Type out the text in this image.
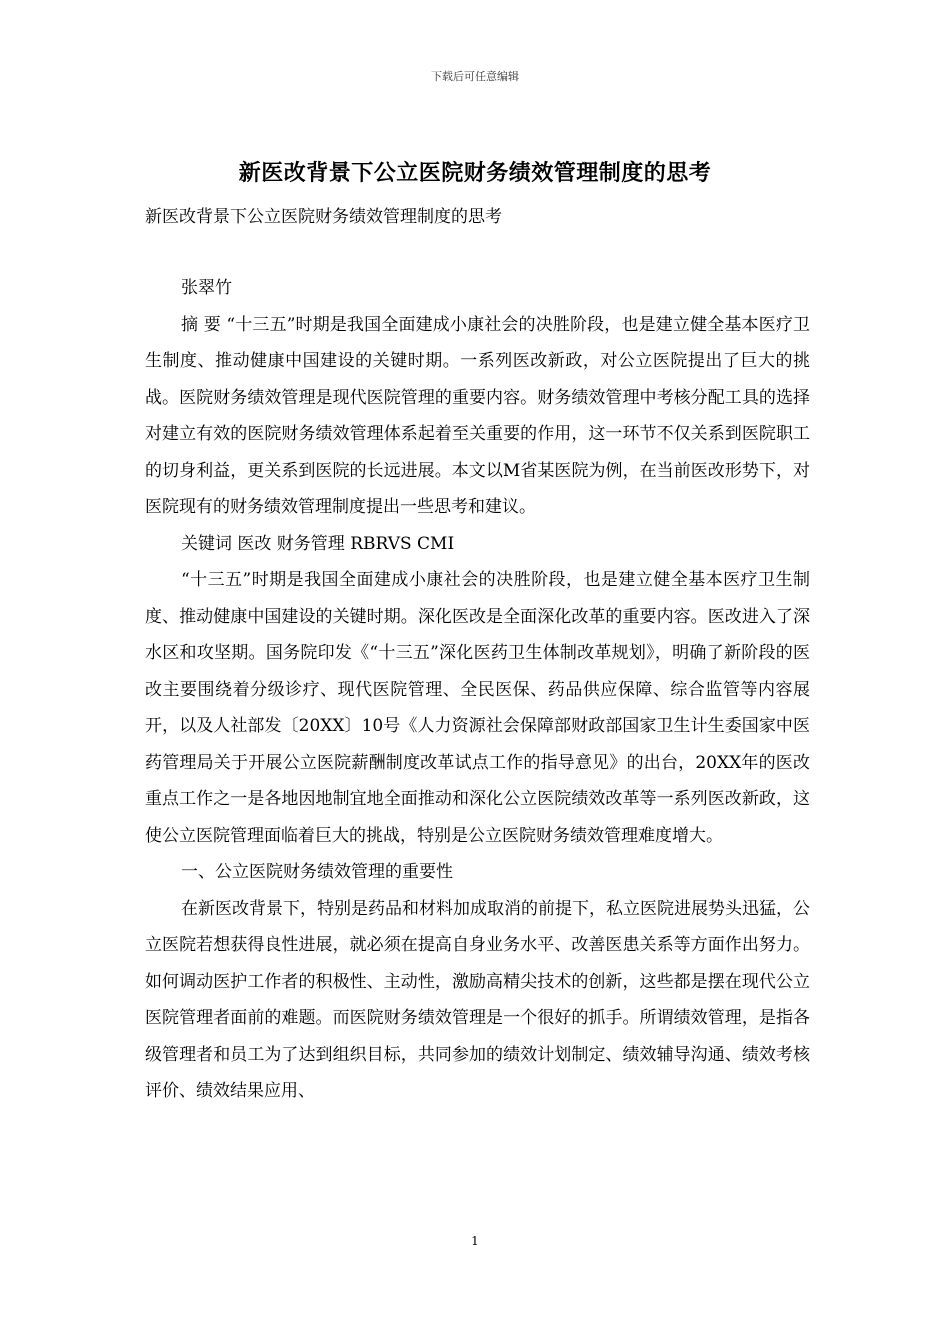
下载后可任意编辑
新医改背景下公立医院财务绩效管理制度的思考
新医改背景下公立医院财务绩效管理制度的思考

张翠竹

摘 要 “十三五”时期是我国全面建成小康社会的决胜阶段，也是建立健全基本医疗卫生制度、推动健康中国建设的关键时期。一系列医改新政，对公立医院提出了巨大的挑战。医院财务绩效管理是现代医院管理的重要内容。财务绩效管理中考核分配工具的选择对建立有效的医院财务绩效管理体系起着至关重要的作用，这一环节不仅关系到医院职工的切身利益，更关系到医院的长远进展。本文以M省某医院为例，在当前医改形势下，对医院现有的财务绩效管理制度提出一些思考和建议。

关键词 医改 财务管理 RBRVS CMI

“十三五”时期是我国全面建成小康社会的决胜阶段，也是建立健全基本医疗卫生制度、推动健康中国建设的关键时期。深化医改是全面深化改革的重要内容。医改进入了深水区和攻坚期。国务院印发《“十三五”深化医药卫生体制改革规划》，明确了新阶段的医改主要围绕着分级诊疗、现代医院管理、全民医保、药品供应保障、综合监管等内容展开，以及人社部发〔20XX〕10号《人力资源社会保障部财政部国家卫生计生委国家中医药管理局关于开展公立医院薪酬制度改革试点工作的指导意见》的出台，20XX年的医改重点工作之一是各地因地制宜地全面推动和深化公立医院绩效改革等一系列医改新政，这使公立医院管理面临着巨大的挑战，特别是公立医院财务绩效管理难度增大。

一、公立医院财务绩效管理的重要性

在新医改背景下，特别是药品和材料加成取消的前提下，私立医院进展势头迅猛，公立医院若想获得良性进展，就必须在提高自身业务水平、改善医患关系等方面作出努力。如何调动医护工作者的积极性、主动性，激励高精尖技术的创新，这些都是摆在现代公立医院管理者面前的难题。而医院财务绩效管理是一个很好的抓手。所谓绩效管理，是指各级管理者和员工为了达到组织目标，共同参加的绩效计划制定、绩效辅导沟通、绩效考核评价、绩效结果应用、

1
